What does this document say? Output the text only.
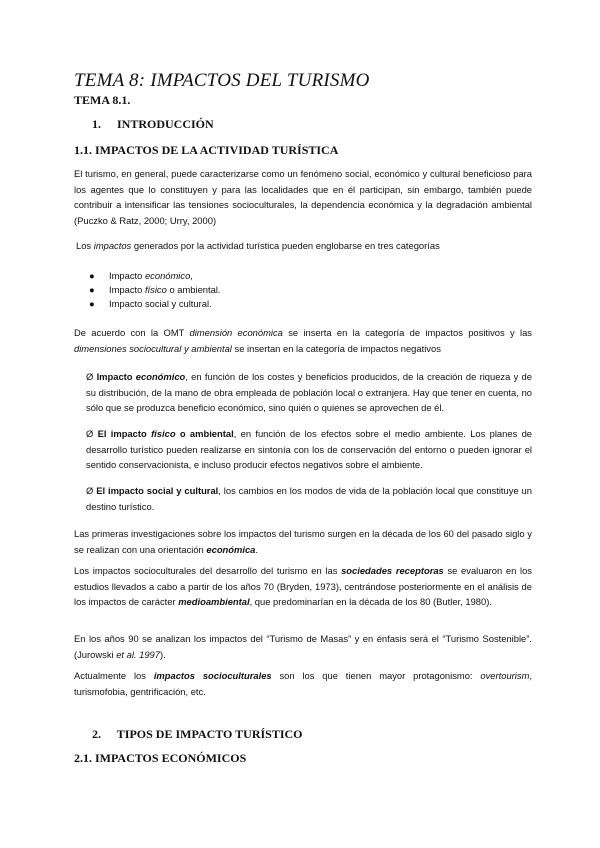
TEMA 8: IMPACTOS DEL TURISMO
TEMA 8.1.
1. INTRODUCCIÓN
1.1. IMPACTOS DE LA ACTIVIDAD TURÍSTICA

El turismo, en general, puede caracterizarse como un fenómeno social, económico y cultural beneficioso para los agentes que lo constituyen y para las localidades que en él participan, sin embargo, también puede contribuir a intensificar las tensiones socioculturales, la dependencia económica y la degradación ambiental (Puczko & Ratz, 2000; Urry, 2000)

Los impactos generados por la actividad turística pueden englobarse en tres categorías

● Impacto económico,
● Impacto físico o ambiental.
● Impacto social y cultural.

De acuerdo con la OMT dimensión económica se inserta en la categoría de impactos positivos y las dimensiones sociocultural y ambiental se insertan en la categoría de impactos negativos

Ø Impacto económico, en función de los costes y beneficios producidos, de la creación de riqueza y de su distribución, de la mano de obra empleada de población local o extranjera. Hay que tener en cuenta, no sólo que se produzca beneficio económico, sino quién o quienes se aprovechen de él.

Ø El impacto físico o ambiental, en función de los efectos sobre el medio ambiente. Los planes de desarrollo turístico pueden realizarse en sintonía con los de conservación del entorno o pueden ignorar el sentido conservacionista, e incluso producir efectos negativos sobre el ambiente.

Ø El impacto social y cultural, los cambios en los modos de vida de la población local que constituye un destino turístico.

Las primeras investigaciones sobre los impactos del turismo surgen en la década de los 60 del pasado siglo y se realizan con una orientación económica.

Los impactos socioculturales del desarrollo del turismo en las sociedades receptoras se evaluaron en los estudios llevados a cabo a partir de los años 70 (Bryden, 1973), centrándose posteriormente en el análisis de los impactos de carácter medioambiental, que predominarían en la década de los 80 (Butler, 1980).

En los años 90 se analizan los impactos del “Turismo de Masas” y en énfasis será el “Turismo Sostenible”. (Jurowski et al. 1997).

Actualmente los impactos socioculturales son los que tienen mayor protagonismo: overtourism, turismofobia, gentrificación, etc.

2. TIPOS DE IMPACTO TURÍSTICO
2.1. IMPACTOS ECONÓMICOS
